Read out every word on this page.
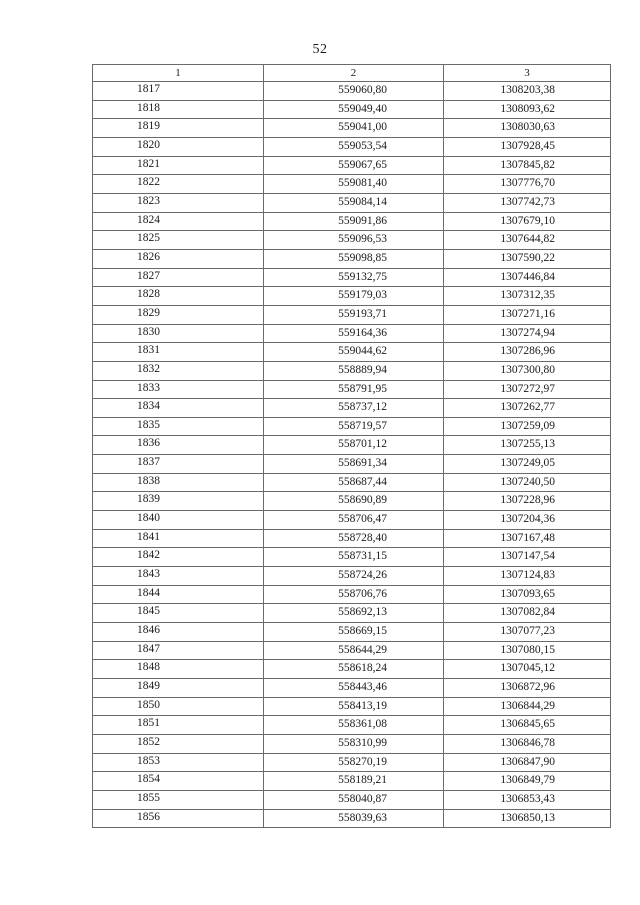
52
1	2	3
1817	559060,80	1308203,38
1818	559049,40	1308093,62
1819	559041,00	1308030,63
1820	559053,54	1307928,45
1821	559067,65	1307845,82
1822	559081,40	1307776,70
1823	559084,14	1307742,73
1824	559091,86	1307679,10
1825	559096,53	1307644,82
1826	559098,85	1307590,22
1827	559132,75	1307446,84
1828	559179,03	1307312,35
1829	559193,71	1307271,16
1830	559164,36	1307274,94
1831	559044,62	1307286,96
1832	558889,94	1307300,80
1833	558791,95	1307272,97
1834	558737,12	1307262,77
1835	558719,57	1307259,09
1836	558701,12	1307255,13
1837	558691,34	1307249,05
1838	558687,44	1307240,50
1839	558690,89	1307228,96
1840	558706,47	1307204,36
1841	558728,40	1307167,48
1842	558731,15	1307147,54
1843	558724,26	1307124,83
1844	558706,76	1307093,65
1845	558692,13	1307082,84
1846	558669,15	1307077,23
1847	558644,29	1307080,15
1848	558618,24	1307045,12
1849	558443,46	1306872,96
1850	558413,19	1306844,29
1851	558361,08	1306845,65
1852	558310,99	1306846,78
1853	558270,19	1306847,90
1854	558189,21	1306849,79
1855	558040,87	1306853,43
1856	558039,63	1306850,13
